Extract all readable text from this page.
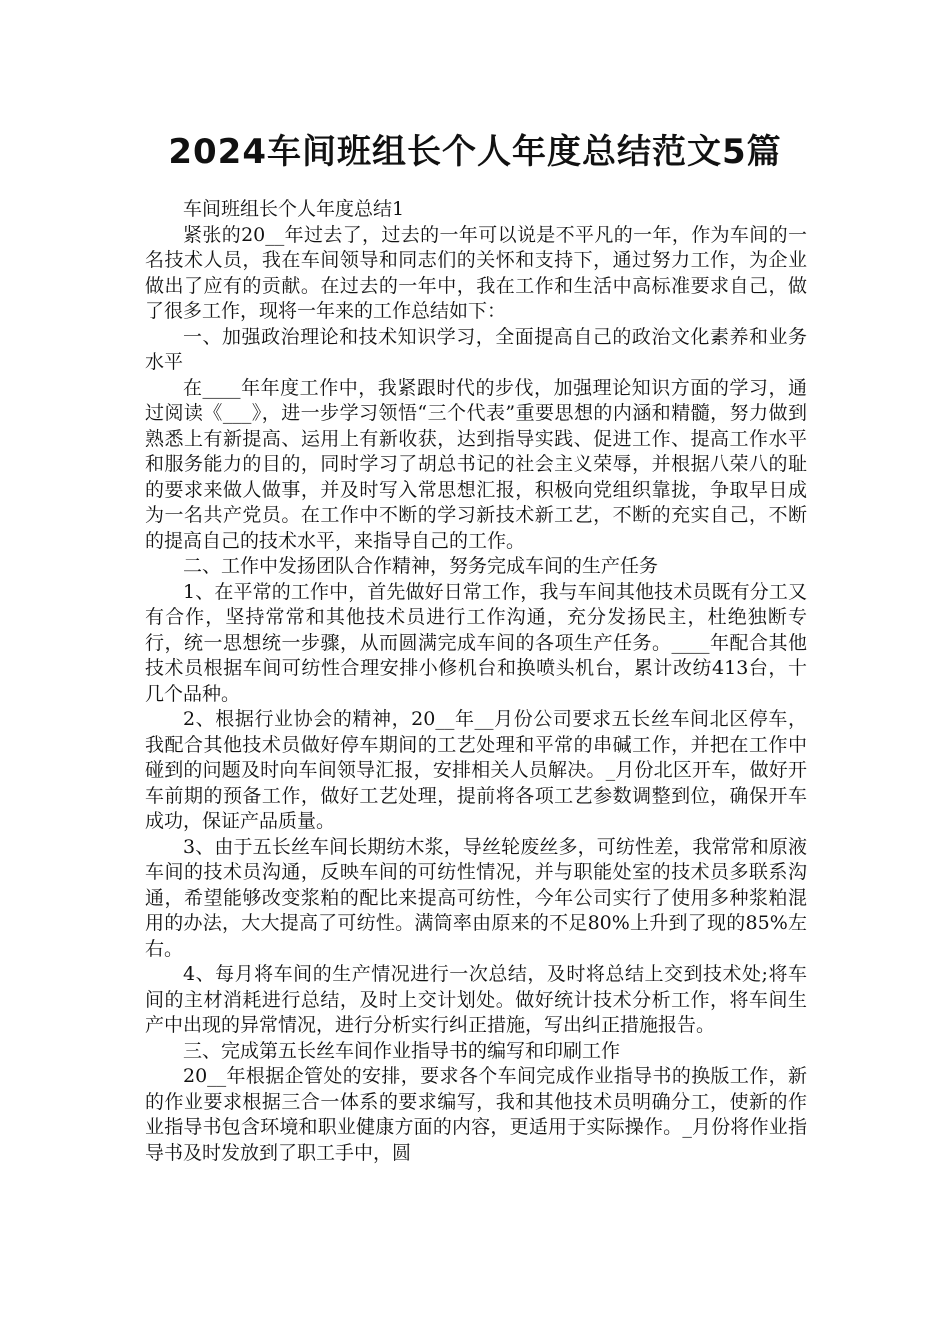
2024车间班组长个人年度总结范文5篇

车间班组长个人年度总结1

紧张的20__年过去了，过去的一年可以说是不平凡的一年，作为车间的一名技术人员，我在车间领导和同志们的关怀和支持下，通过努力工作，为企业做出了应有的贡献。在过去的一年中，我在工作和生活中高标准要求自己，做了很多工作，现将一年来的工作总结如下：

一、加强政治理论和技术知识学习，全面提高自己的政治文化素养和业务水平

在____年年度工作中，我紧跟时代的步伐，加强理论知识方面的学习，通过阅读《___》，进一步学习领悟“三个代表”重要思想的内涵和精髓，努力做到熟悉上有新提高、运用上有新收获，达到指导实践、促进工作、提高工作水平和服务能力的目的，同时学习了胡总书记的社会主义荣辱，并根据八荣八的耻的要求来做人做事，并及时写入常思想汇报，积极向党组织靠拢，争取早日成为一名共产党员。在工作中不断的学习新技术新工艺，不断的充实自己，不断的提高自己的技术水平，来指导自己的工作。

二、工作中发扬团队合作精神，努务完成车间的生产任务

1、在平常的工作中，首先做好日常工作，我与车间其他技术员既有分工又有合作，坚持常常和其他技术员进行工作沟通，充分发扬民主，杜绝独断专行，统一思想统一步骤，从而圆满完成车间的各项生产任务。____年配合其他技术员根据车间可纺性合理安排小修机台和换喷头机台，累计改纺413台，十几个品种。

2、根据行业协会的精神，20__年__月份公司要求五长丝车间北区停车，我配合其他技术员做好停车期间的工艺处理和平常的串碱工作，并把在工作中碰到的问题及时向车间领导汇报，安排相关人员解决。_月份北区开车，做好开车前期的预备工作，做好工艺处理，提前将各项工艺参数调整到位，确保开车成功，保证产品质量。

3、由于五长丝车间长期纺木浆，导丝轮废丝多，可纺性差，我常常和原液车间的技术员沟通，反映车间的可纺性情况，并与职能处室的技术员多联系沟通，希望能够改变浆粕的配比来提高可纺性，今年公司实行了使用多种浆粕混用的办法，大大提高了可纺性。满筒率由原来的不足80%上升到了现的85%左右。

4、每月将车间的生产情况进行一次总结，及时将总结上交到技术处;将车间的主材消耗进行总结，及时上交计划处。做好统计技术分析工作，将车间生产中出现的异常情况，进行分析实行纠正措施，写出纠正措施报告。

三、完成第五长丝车间作业指导书的编写和印刷工作

20__年根据企管处的安排，要求各个车间完成作业指导书的换版工作，新的作业要求根据三合一体系的要求编写，我和其他技术员明确分工，使新的作业指导书包含环境和职业健康方面的内容，更适用于实际操作。_月份将作业指导书及时发放到了职工手中，圆
